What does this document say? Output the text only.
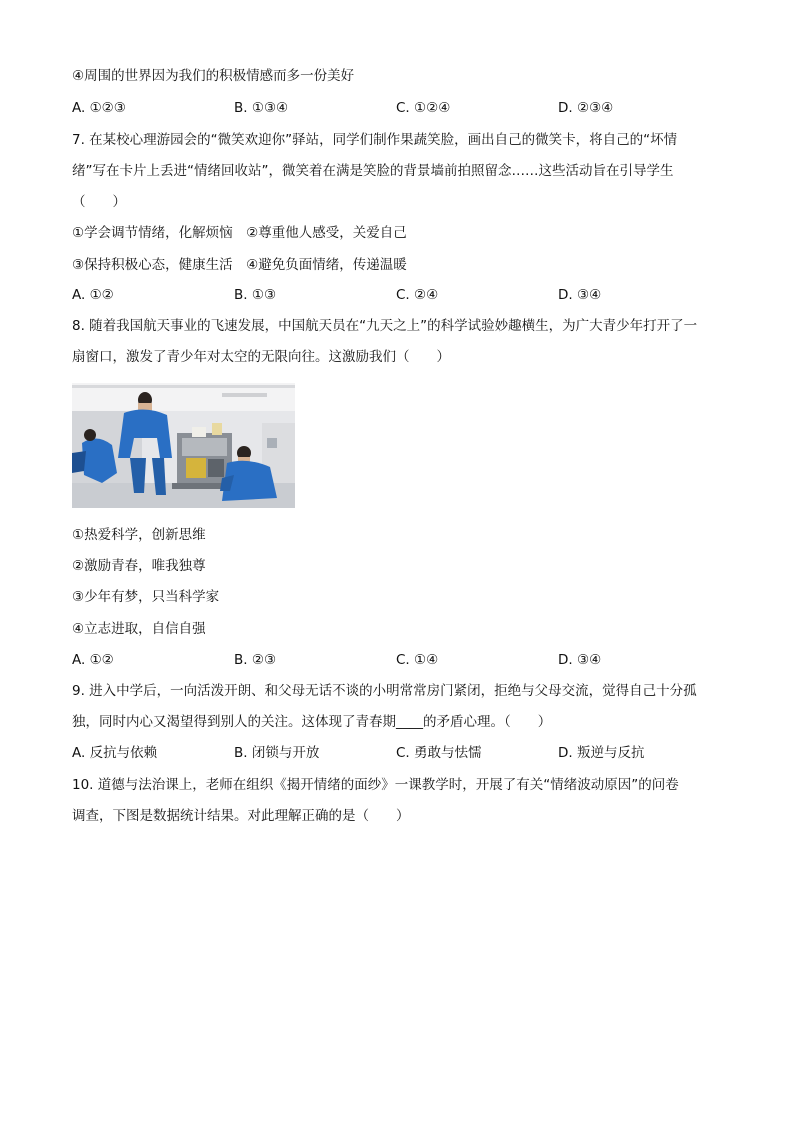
④周围的世界因为我们的积极情感而多一份美好
A. ①②③	B. ①③④	C. ①②④	D. ②③④
7. 在某校心理游园会的“微笑欢迎你”驿站，同学们制作果蔬笑脸，画出自己的微笑卡，将自己的“坏情
绪”写在卡片上丢进“情绪回收站”，微笑着在满是笑脸的背景墙前拍照留念……这些活动旨在引导学生
（　　）
①学会调节情绪，化解烦恼　②尊重他人感受，关爱自己
③保持积极心态，健康生活　④避免负面情绪，传递温暖
A. ①②	B. ①③	C. ②④	D. ③④
8. 随着我国航天事业的飞速发展，中国航天员在“九天之上”的科学试验妙趣横生，为广大青少年打开了一
扇窗口，激发了青少年对太空的无限向往。这激励我们（　　）
①热爱科学，创新思维
②激励青春，唯我独尊
③少年有梦，只当科学家
④立志进取，自信自强
A. ①②	B. ②③	C. ①④	D. ③④
9. 进入中学后，一向活泼开朗、和父母无话不谈的小明常常房门紧闭，拒绝与父母交流，觉得自己十分孤
独，同时内心又渴望得到别人的关注。这体现了青春期____的矛盾心理。（　　）
A. 反抗与依赖	B. 闭锁与开放	C. 勇敢与怯懦	D. 叛逆与反抗
10. 道德与法治课上，老师在组织《揭开情绪的面纱》一课教学时，开展了有关“情绪波动原因”的问卷
调查，下图是数据统计结果。对此理解正确的是（　　）
